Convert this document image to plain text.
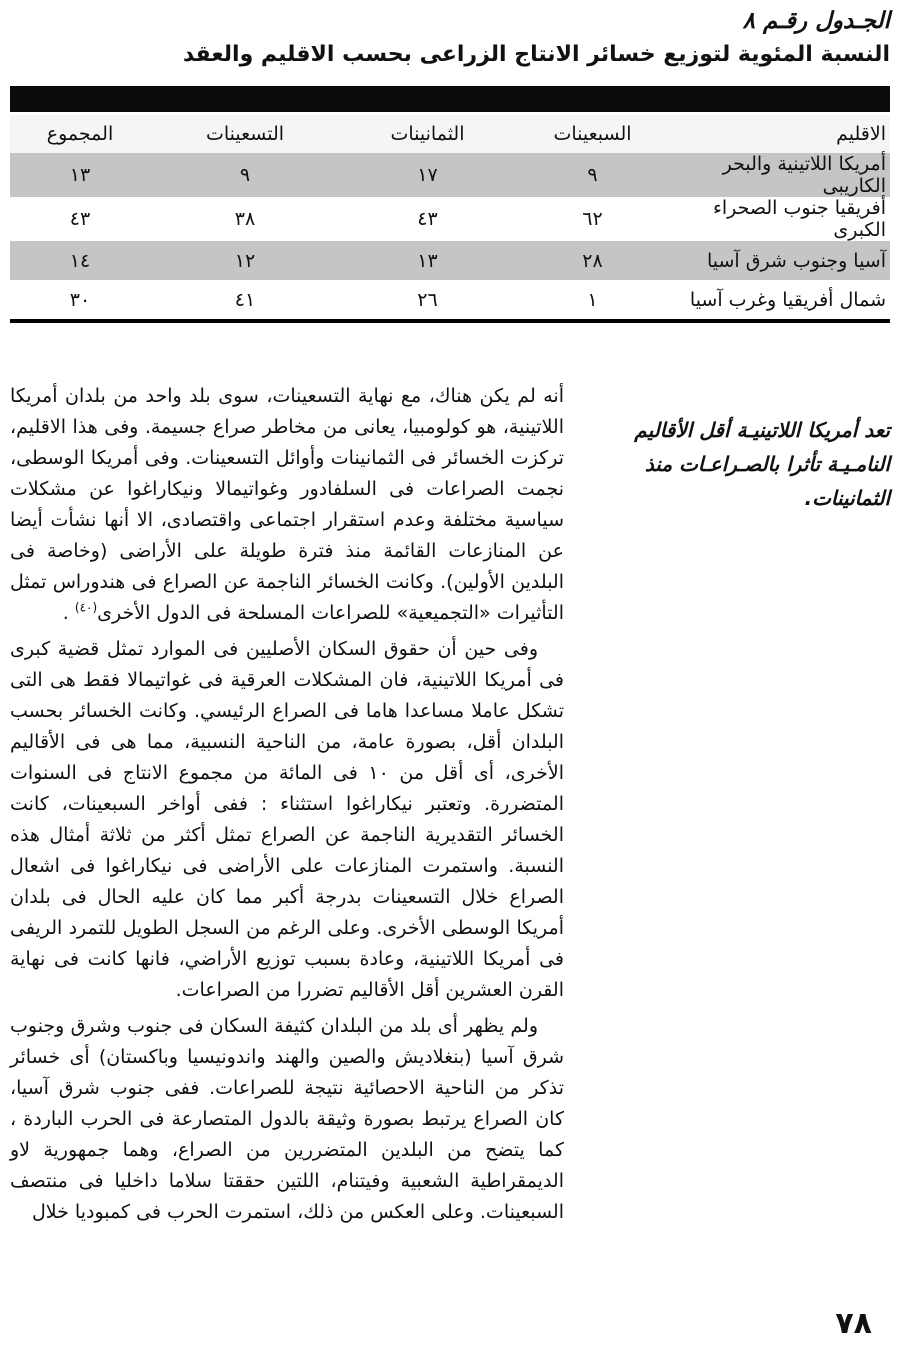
الجـدول رقـم ٨
النسبة المئوية لتوزيع خسائر الانتاج الزراعى بحسب الاقليم والعقد
الاقليم	السبعينات	الثمانينات	التسعينات	المجموع
أمريكا اللاتينية والبحر الكاريبى	٩	١٧	٩	١٣
أفريقيا جنوب الصحراء الكبرى	٦٢	٤٣	٣٨	٤٣
آسيا وجنوب شرق آسيا	٢٨	١٣	١٢	١٤
شمال أفريقيا وغرب آسيا	١	٢٦	٤١	٣٠
تعد أمريكا اللاتينيـة أقل الأقاليم النامـيـة تأثرا بالصـراعـات منذ الثمانينات.

أنه لم يكن هناك، مع نهاية التسعينات، سوى بلد واحد من بلدان أمريكا اللاتينية، هو كولومبيا، يعانى من مخاطر صراع جسيمة. وفى هذا الاقليم، تركزت الخسائر فى الثمانينات وأوائل التسعينات. وفى أمريكا الوسطى، نجمت الصراعات فى السلفادور وغواتيمالا ونيكاراغوا عن مشكلات سياسية مختلفة وعدم استقرار اجتماعى واقتصادى، الا أنها نشأت أيضا عن المنازعات القائمة منذ فترة طويلة على الأراضى (وخاصة فى البلدين الأولين). وكانت الخسائر الناجمة عن الصراع فى هندوراس تمثل التأثيرات «التجميعية» للصراعات المسلحة فى الدول الأخرى$^{(٤٠)}$ .

وفى حين أن حقوق السكان الأصليين فى الموارد تمثل قضية كبرى فى أمريكا اللاتينية، فان المشكلات العرقية فى غواتيمالا فقط هى التى تشكل عاملا مساعدا هاما فى الصراع الرئيسي. وكانت الخسائر بحسب البلدان أقل، بصورة عامة، من الناحية النسبية، مما هى فى الأقاليم الأخرى، أى أقل من ١٠ فى المائة من مجموع الانتاج فى السنوات المتضررة. وتعتبر نيكاراغوا استثناء : ففى أواخر السبعينات، كانت الخسائر التقديرية الناجمة عن الصراع تمثل أكثر من ثلاثة أمثال هذه النسبة. واستمرت المنازعات على الأراضى فى نيكاراغوا فى اشعال الصراع خلال التسعينات بدرجة أكبر مما كان عليه الحال فى بلدان أمريكا الوسطى الأخرى. وعلى الرغم من السجل الطويل للتمرد الريفى فى أمريكا اللاتينية، وعادة بسبب توزيع الأراضي، فانها كانت فى نهاية القرن العشرين أقل الأقاليم تضررا من الصراعات.

ولم يظهر أى بلد من البلدان كثيفة السكان فى جنوب وشرق وجنوب شرق آسيا (بنغلاديش والصين والهند واندونيسيا وباكستان) أى خسائر تذكر من الناحية الاحصائية نتيجة للصراعات. ففى جنوب شرق آسيا، كان الصراع يرتبط بصورة وثيقة بالدول المتصارعة فى الحرب الباردة ، كما يتضح من البلدين المتضررين من الصراع، وهما جمهورية لاو الديمقراطية الشعبية وفيتنام، اللتين حققتا سلاما داخليا فى منتصف السبعينات. وعلى العكس من ذلك، استمرت الحرب فى كمبوديا خلال

٧٨
